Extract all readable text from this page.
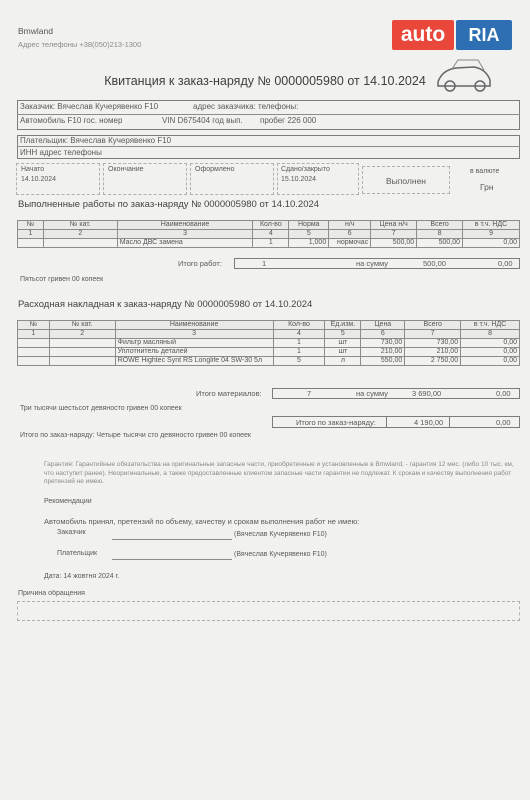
Bmwland
Адрес телефоны +38(050)213-1300	auto	RIA
Квитанция к заказ-наряду № 0000005980 от 14.10.2024
Заказчик: Вячеслав Кучерявенко F10	адрес заказчика: телефоны:
Автомобиль F10 гос. номер	VIN D675404 год вып. пробег 226 000
Плательщик: Вячеслав Кучерявенко F10
ИНН адрес телефоны
Начато
14.10.2024
Окончание	Оформлено	Сдано/закрыто
15.10.2024	Выполнен
в валюте
Грн
Выполненные работы по заказ-наряду № 0000005980 от 14.10.2024
№	№ кат.	Наименование	Кол-во	Норма	н/ч	Цена н/ч	Всего	в т.ч. НДС
1	2	3	4	5	6	7	8	9
		Масло ДВС замена	1	1,000	нормочас	500,00	500,00	0,00
Итого работ:	1	на сумму	500,00	0,00
Пятьсот гривен 00 копеек
Расходная накладная к заказ-наряду № 0000005980 от 14.10.2024
№	№ кат.	Наименование	Кол-во	Ед.изм.	Цена	Всего	в т.ч. НДС
1	2	3	4	5	6	7	8
		Фильтр масляный	1	шт	730,00	730,00	0,00
		Уплотнитель деталей	1	шт	210,00	210,00	0,00
		ROWE Hightec Synt RS Longlife 04 SW-30 5л	5	л	550,00	2 750,00	0,00
Итого материалов:	7	на сумму	3 690,00	0,00
Три тысячи шестьсот девяносто гривен 00 копеек
Итого по заказ-наряду:	4 190,00	0,00
Итого по заказ-наряду: Четыре тысячи сто девяносто гривен 00 копеек
Гарантия: Гарантийные обязательства на оригинальные запасные части, приобретенные и установленные в Bmwland, - гарантия 12 мес. (либо 10 тыс. км, что наступит ранее). Неоригинальные, а также предоставленные клиентом запасные части гарантии не подлежат. К срокам и качеству выполнения работ претензий не имею.
Рекомендации
Автомобиль принял, претензий по объему, качеству и срокам выполнения работ не имею:
Заказчик	(Вячеслав Кучерявенко F10)
Плательщик	(Вячеслав Кучерявенко F10)
Дата: 14 жовтня 2024 г.
Причина обращения
